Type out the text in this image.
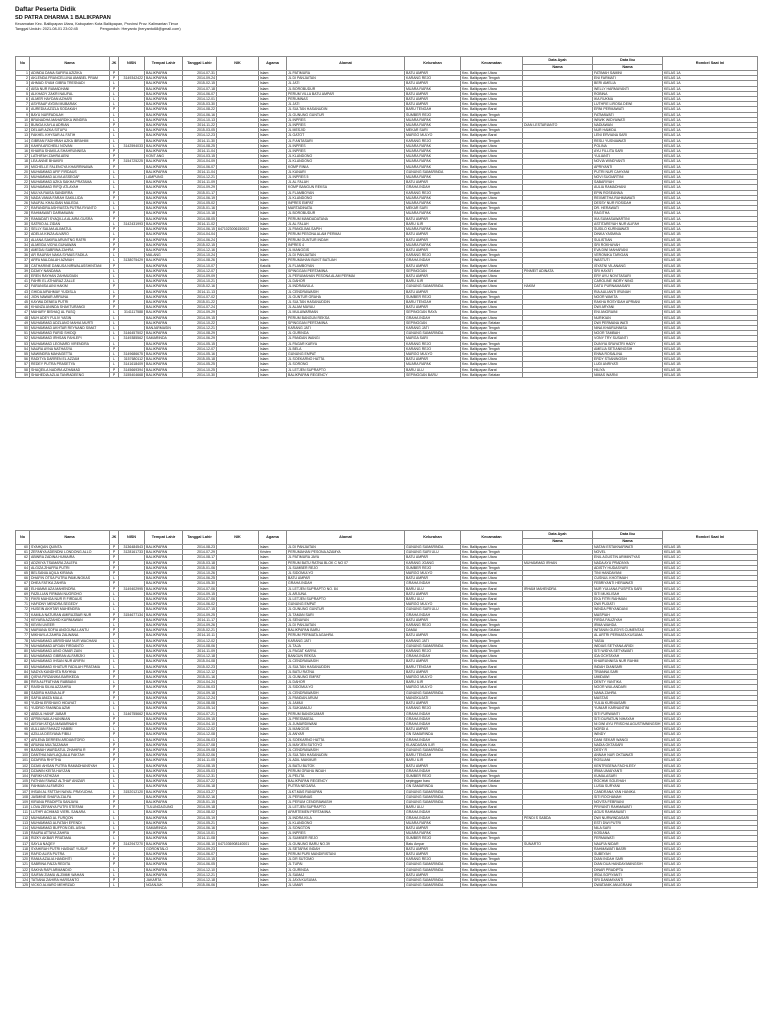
Daftar Peserta Didik
SD PATRA DHARMA 1 BALIKPAPAN
Kecamatan Kec. Balikpapan Utara, Kabupaten Kota Balikpapan, Provinsi Prov. Kalimantan Timur
Tanggal Unduh: 2021-08-01 23:02:45	Pengunduh: Heryanto (heryanto68@gmail.com)
No	Nama	JK	NISN	Tempat Lahir	Tanggal Lahir	NIK	Agama	Alamat	Kelurahan	Kecamatan	Data Ayah	Data Ibu	Rombel Saat Ini
											Nama	Nama	
1	ADINDA DANA SAFIRA AZIZIKA	P		BALIKPAPAN	2014-07-31		Islam	JL PATIMURA	BATU AMPAR	Kec. Balikpapan Utara		FATIMAH SAMINI	KELAS 1A
2	AKLENDA FRANCELLINA AMABEL PRAM	P	3149342422	BALIKPAPAN	2014-09-24		Islam	JL DI PANJAITAN	KARANG REJO	Kec. Balikpapan Tengah		ENI FARMATI	KELAS 1A
3	AHMAD SYAM GIBRA TRESNADI	L		BALIKPAPAN	2015-02-15		Islam	JL JATI	BATU AMPAR	Kec. Balikpapan Utara		BERI AMELIA	KELAS 1A
4	AISA NUR RAMADHANI	P		BALIKPAPAN	2014-07-18		Islam	JL BOROBUDUR	MUARA RAPAK	Kec. Balikpapan Utara		WELLY HARMAYANTI	KELAS 1A
5	ALKHADY ZAKRI NAUFAL	L		BALIKPAPAN	2014-06-07		Islam	PERUM VILLA BATU AMPAR	BATU AMPAR	Kec. Balikpapan Utara		ROBINA	KELAS 1A
6	ALMER HAYDAN AZHARI	L		BALIKPAPAN	2014-12-01		Islam	PERUMNAS	BATU AMPAR	Kec. Balikpapan Utara		IKA RUKMA	KELAS 1A
7	ASYRAAF AYDIN MUBARAK	L		BALIKPAPAN	2015-03-30		Islam	JL JATI	BATU AMPAR	Kec. Balikpapan Utara		LUTHFIE LIROSA DEWI	KELAS 1A
8	AUREDIA AZIZLA SODAKAH	P		BALIKPAPAN	2014-08-22		Islam	JL SULTAN HASANUDIN	BARU TENGAH	Kec. Balikpapan Barat		ERNI PERMAWATI	KELAS 1A
9	BAYU NURFADILAH	L		BALIKPAPAN	2014-06-16		Islam	JL GUNUNG GUNTUR	SUMBER REJO	Kec. Balikpapan Tengah		FATMAWATI	KELAS 1A
10	BRANADHA MAHARDIKA WINDRA	L		BALIKPAPAN	2014-10-13		Islam	JL INPRES	MUARA RAPAK	Kec. Balikpapan Utara		WIWIK WIDYAWATI	KELAS 1A
11	BUNGA KAYLA ADRIAN	P		BALIKPAPAN	2014-11-22		Islam	JL INPRES	MUARA RAPAK	Kec. Balikpapan Utara	DIAN LESTARIANTO	NADIAWAN	KELAS 1A
12	DELIAR AZKA SITUPU	L		BALIKPAPAN	2015-03-05		Islam	JL MESJID	MEKAR SARI	Kec. Balikpapan Tengah		NUR HAMIDA	KELAS 1A
13	FAKHEL KHYSAR AL FATIH	L		BALIKPAPAN	2014-12-23		Islam	JL GATOT	MARGO MULYO	Kec. Balikpapan Barat		LENI ERVIANA SARI	KELAS 1A
14	GIBRAN FADHIRAH AZKA IBRAHIM	L		BALIKPAPAN	2014-11-30		Islam	JL P.ANTASARI	KARANG REJO	Kec. Balikpapan Tengah		RESLI YUSNIAWATI	KELAS 1A
15	KAHFA ARCHEILI NOVAN	L	3142594033	BALIKPAPAN	2014-08-25		Islam	JL INPRES	MUARA RAPAK	Kec. Balikpapan Utara		POLINA	KELAS 1A
16	KHAIRA SHAKILA SHAHRUNNISA	P		BALIKPAPAN	2014-11-04		Islam	JL INPRES	MUARA RAPAK	Kec. Balikpapan Utara		AYU FILLITA SARI	KELAS 1A
17	LATHIFAH ZAHRA AENI	P		KONT ANG	2014-03-15		Islam	JL KLANDONO	MUARA RAPAK	Kec. Balikpapan Utara		YULIANTI	KELAS 1A
18	LEA ANNE BHAKIRI	P	3154725225	BALIKPAPAN	2014-04-09		Islam	JL KLANDONO	MUARA RAPAK	Kec. Balikpapan Utara		NOVIA WINDYANTI	KELAS 1A
19	MICHELLE FALENCYA KHAIRRINAWA	P		BALIKPAPAN	2014-06-07		Islam	KOMP RINIA	MUARA RAPAK	Kec. Balikpapan Utara		APRIYANTI	KELAS 1A
20	MUHAMMAD AFIF FIRDAUS	L		BALIKPAPAN	2014-11-04		Islam	JL KANARI	GUNUNG SAMARINDA	Kec. Balikpapan Utara		PUTRI NUR CAHYANI	KELAS 1A
21	MUHAMMAD ALVIA ASSEGAF	L		LAMPUNG	2014-12-21		Islam	JL INPRES 5	MUARA RAPAK	Kec. Balikpapan Utara		NOVI SUGIARTINI	KELAS 1A
22	MUHAMMAD AZKA SAKHA PRATAMA	L		BALIKPAPAN	2014-11-09		Islam	JL AL FALAH	BATU AMPAR	Kec. Balikpapan Utara		SABARIYAH	KELAS 1A
23	MUHAMMAD RIFQI ATLAYAH	L		BALIKPAPAN	2014-09-29		Islam	KOMP BANGUN REKSA	GRAHA INDAH	Kec. Balikpapan Utara		AULIA RAMADHANI	KELAS 1A
24	MULYA RAISA SANDIRRA	P		BALIKPAPAN	2015-01-17		Islam	JL FLAMBOYAN	KARANG REJO	Kec. Balikpapan Tengah		EPIN ROSEANNA	KELAS 1A
25	NADA VANIA FARAH SAKILLIDA	P		BALIKPAPAN	2014-06-19		Islam	JL KLANDONO	MUARA RAPAK	Kec. Balikpapan Utara		REXMETHA RAHMAWATI	KELAS 1A
26	NAUFAL KHALIDAN MALEDA	L		BALIKPAPAN	2014-05-02		Islam	INPRES EMPAT	MUARA RAPAK	Kec. Balikpapan Utara		DESSY NUR ROSIDAH	KELAS 1A
27	RAFANDRA ASHYASTA PUTRA RYANTO	L		BALIKPAPAN	2015-01-16		Islam	MARTADINATA	MEKAR SARI	Kec. Balikpapan Tengah		DR. HERAWATI	KELAS 1A
28	RAHMAWATI DARMAWAN	P		BALIKPAPAN	2014-10-18		Islam	JL BOROBUDUR	MUARA RAPAK	Kec. Balikpapan Utara		RAGITHA	KELAS 1A
29	RAMADATI SYAQILLA ALAIRA GUSRA	P		BALIKPAPAN	2014-08-05		Islam	PERUM MANDADATANA	BATU AMPAR	Kec. Balikpapan Utara		IKA SUMASAWARTINI	KELAS 1A
30	SATRIO AL ZIDAN	L	3142431993	BALIKPAPAN	2014-11-02		Islam	JL AL FALAH	BARU ILIR	Kec. Balikpapan Barat		ASTITAREYAH NUR ALIFAH	KELAS 1A
31	SELLY SALMA ALIMATUL	P		BALIKPAPAN	2014-06-15	6471023006150002	Islam	JL PANGLIMA SAPIH	MUARA RAPAK	Kec. Balikpapan Utara		SUSILO KURNIAWATI	KELAS 1A
32	ADELIA KINZA ALVARO	L		BALIKPAPAN	2014-04-04		Islam	PERUM PESONA ALAM PERMAI	BATU AMPAR	Kec. Balikpapan Utara		DINKA YASMINA	KELAS 1B
33	ALIANA SAKIRA ARUNTNG RATRI	P		BALIKPAPAN	2014-06-24		Islam	PERUM GUNTUR INDAH	BATU AMPAR	Kec. Balikpapan Utara		SULISTIAN	KELAS 1B
34	ALMEIDA VIDYA GUNAWAN	P		BALIKPAPAN	2015-02-15		Islam	INPRES 4	MUARA RAPAK	Kec. Balikpapan Utara		SRI ROKHAYAH	KELAS 1B
35	AMEDAI SABRINA ZAHRA	P		BALIKPAPAN	2014-12-16		Islam	JL MANGGIS	BATU AMPAR	Kec. Balikpapan Utara		EVA DWI MAHARANI	KELAS 1B
36	AR RAUFAH NAKA SYMAS FADILA	L		MALANG	2014-10-24		Islam	JL DI PANJAITAN	KARANG REJO	Kec. Balikpapan Tengah		VERONIKA TARIGAN	KELAS 1B
37	ARFA MALDALAH AZMIAH	L	3138075429	BALIKPAPAN	2014-08-26		Islam	PERUMAHAN BUKIT BATUAH	GRAHA INDAH	Kec. Balikpapan Utara		WASTUTI	KELAS 1B
38	CATHARINE DANUSA NIRWALASSHINTANI	P		BALIKPAPAN	2014-10-07		Katolik	JL FLAMBOYAN	BATU AMPAR	Kec. Balikpapan Utara		ISYATNI VILANANG	KELAS 1B
39	DZAKY NANDANA	L		BALIKPAPAN	2014-12-07		Islam	SPINGGAN PERTAMINA	SEPINGGAN	Kec. Balikpapan Selatan	PINMEIT ADINATA	SRI HAYATI	KELAS 1B
40	EREN RAYHAN ZAHMUDIAN	L		BALIKPAPAN	2014-09-09		Islam	JL PERUMAHAN PESONA ALAM PERMAI	BATU AMPAR	Kec. Balikpapan Utara		ERY AYU NOVITASARI	KELAS 1B
41	FAHRI EL ATHARAZ ZALLE	L		BALIKPAPAN	2014-10-21		Islam	JL DAHOR	BARU ILIR	Kec. Balikpapan Barat		CAROLINE INDRY NING	KELAS 1B
42	FARANISA AINI HAKIM	P		BALIKPAPAN	2015-02-16		Islam	JL INDRAWULA	GUNUNG SAMARINDA	Kec. Balikpapan Utara	HAKIM	DATU PURNAMASARI	KELAS 1B
43	GHIDA AIFAHMAY YUDISLA	L		BALIKPAPAN	2014-11-13		Islam	JL CENDRAWASIH	BATU AMPAR	Kec. Balikpapan Utara		RIA AULIANTI IRUNAH	KELAS 1B
44	JION NAWAR ARRUNA	P		BALIKPAPAN	2014-07-02		Islam	JL GUNTUR GRAHA	SUMBER REJO	Kec. Balikpapan Tengah		NOOR WAKTA	KELAS 1B
45	KAYWA DENIEA PUTRI	P		BALIKPAPAN	2015-01-22		Islam	JL SULTAN HASANUDDIN	BARU TENGAH	Kec. Balikpapan Barat		RAKHA ROSYIDAH APRIANI	KELAS 1B
46	KHANZA ANINDA SHAKTURANGI	P		BALIKPAPAN	2014-07-24		Islam	JL ALAM MAYAU	BATU AMPAR	Kec. Balikpapan Utara		DWI ARYANI	KELAS 1B
47	MAHARY BISHAQ AL FASQ	L	3141117588	BALIKPAPAN	2014-09-29		Islam	JL MULAWARMAN	SEPINGGAN RAYA	Kec. Balikpapan Timur		ENI ANGRAINI	KELAS 1B
48	MUH ADEY FULIV YASIN	L		BALIKPAPAN	2014-09-15		Islam	PERUM BANGUN REKSA	GRAHA INDAH	Kec. Balikpapan Utara		NURIKIAN	KELAS 1B
49	MUHAMMAD ADZLANO MAHIA MURTI	L		BALIKPAPAN	2014-10-22		Islam	SPINGGAN PERTAMINA	SEPINGGAN	Kec. Balikpapan Selatan		DWI PERMANA WATI	KELAS 1B
50	MUHAMMAD AKHTAR REYNAND SIMAT	L		BANJARMASIN	2014-12-21		Islam	KARANG JATI	KARANG JATI	Kec. Balikpapan Tengah		NINA KHAIRUNNISA	KELAS 1B
51	MUHAMMAD FARID SHIDQI	L	3146457502	BALIKPAPAN	2014-08-29		Islam	JL GURINDA	GUNUNG SAMARINDA	Kec. Balikpapan Utara		NOOR TAMBAH	KELAS 1B
52	MUHAMMAD IRHSAN FAHLEPI	L	3149385562	SAMARINDA	2014-06-29		Islam	JL PANDAN WANGI	MARGA SARI	Kec. Balikpapan Barat		VONY TRY SUSANTI	KELAS 1B
53	MUHAMMAD LEONARD VIRENDRA	L		BALIKPAPAN	2014-05-15		Islam	JL PAGAR KARYA	KARANG REJO	Kec. Balikpapan Tengah		DUNYIA SRAYATRI HADY	KELAS 1B
54	NAURA AYNA NATHASYA	P		BALIKPAPAN	2014-12-07		Islam	JL BELA	KARANG REJO	Kec. Balikpapan Tengah		AMELIA SETIANINGSIH	KELAS 1B
55	NAWINDRA MAHAGETTA	L	3149686675	BALIKPAPAN	2014-05-16		Islam	GUNUNG EMPAT	MARGO MULYO	Kec. Balikpapan Barat		ENNA ROSALINA	KELAS 1B
56	RADITYA DARREN EL AZZAM	L	3157680112	BALIKPAPAN	2015-05-18		Islam	JL SOEKARNO HATTA	BATU AMPAR	Kec. Balikpapan Utara		ERDY STIANINGSIH	KELAS 1B
57	REDEY PUTRA PRASETYA	L	3141618409	BALIKPAPAN	2014-05-25		Islam	JL SORONG	MUARA RAPAK	Kec. Balikpapan Utara		LUDI ANRIYATI	KELAS 1B
58	SHAQEILA NADIRA AZHAMAD	P	3145669394	BALIKPAPAN	2014-10-25		Islam	JL LETJEN SUPRAPTO	BARU ULU	Kec. Balikpapan Barat		HILIYA	KELAS 1B
59	SHAHEDIA AZLIA TANRADEENG	P	3155404668	BALIKPAPAN	2014-10-30		Islam	BALIKPAPAN REGENCY	SEPINGGAN BARU	Kec. Balikpapan Selatan		NIMAS WARNI	KELAS 1B
No	Nama	JK	NISN	Tempat Lahir	Tanggal Lahir	NIK	Agama	Alamat	Kelurahan	Kecamatan	Data Ayah	Data Ibu	Rombel Saat Ini
											Nama	Nama	
60	SYAHQAN QUINTA	P	3136484543	BALIKPAPAN	2014-08-23		Islam	JL DI PANJAITAN	GUNUNG SAMARINDA	Kec. Balikpapan Utara		NATAN ESTAKNARWATI	KELAS 1B
61	ZEFANYA ADENDNI LONDONG ALLO	P	3128161733	BALIKPAPAN	2014-07-29		Kristen	PERUMAHAN PESONA AZAMYA	GUNUNG SARI ULU	Kec. Balikpapan Tengah		NOVEL	KELAS 1B
62	ABINRA ZADINA HUMAIRA	P		BALIKPAPAN	2014-08-17		Islam	JL PATIMURA JAYA	BATU AMPAR	Kec. Balikpapan Utara		ENIL AGUSTIN ARIMINTYAS	KELAS 1C
63	ADZKIYA TSAMARA ZALEFA	P		BALIKPAPAN	2015-03-18		Islam	PERUM BATU RATNA BLOK C NO 07	KARANG JOANG	Kec. Balikpapan Utara	MUHAMMAD IRHAN	NADA AYU PRADNYA	KELAS 1C
64	ALGIZA ZHAFRA PUTRI	P		BALIKPAPAN	2015-01-06		Islam	JL SUMBER REJO	SUMBER REJO	Kec. Balikpapan Tengah		ADISTY HUDASYARI	KELAS 1C
65	BELSANIA AQILA KIRANA	P		BALIKPAPAN	2014-10-26		Islam	JL SIDOMULYO	MARGO MULYO	Kec. Balikpapan Barat		TINI HANDAYANI	KELAS 1C
66	DHAFIN OTSA PUTRA PAMUNGKAS	L		BALIKPAPAN	2014-06-25		Islam	BATU AMPAR	BATU AMPAR	Kec. Balikpapan Utara		CUSNUL KHOTIMAH	KELAS 1C
67	DHEA FATIKA ZAHRA	P		BALIKPAPAN	2014-05-30		Islam	GRAHA INDAH	GRAHA INDAH	Kec. Balikpapan Utara		FEBRIYANTI HERAWATI	KELAS 1C
68	ELHAMMI AZA MAHENDRA	P	3149402995	BALIKPAPAN	2014-07-06		Islam	JL LETJEN SUPRAPTO NO. 84	BARU ULU	Kec. Balikpapan Barat	IRHAM MAHENDRA	NUR YULIANA PUSPITA SARI	KELAS 1C
69	FAZILLIAN FIRMAN NUGROHO	L		BALIKPAPAN	2014-09-15		Islam	JL ARJUNA	BATU AMPAR	Kec. Balikpapan Utara		SITI MUKLISAH	KELAS 1C
70	FIKRI MAHGA NUR R FIRDAUS	L		BALIKPAPAN	2014-07-06		Islam	JL LETJEN SUPRAPTO	BARU ULU	Kec. Balikpapan Barat		EKA FITRI RAHMAN	KELAS 1C
71	HAFIDNY MENDRA SEGEDY	L		BALIKPAPAN	2014-06-02		Islam	GUNUNG EMPAT	MARGO MULYO	Kec. Balikpapan Barat		DWI PUJIATI	KELAS 1C
72	HUSEIN AKHTAR MAHENDRA	L		BALIKPAPAN	2014-07-15		Islam	JL GUNUNG GUNTUR	GUNUNG SARI ULU	Kec. Balikpapan Tengah		WINDA PRIYANDANI	KELAS 1C
73	KAMILA NATURAN AMIRUZBAR NUR	P	3154677134	BALIKPAPAN	2014-09-25		Islam	JL TAMAN SARI	GRAHA INDAH	Kec. Balikpapan Utara		MASPIAH	KELAS 1C
74	KEYARA AZZAHID KURNIAWAN	P		BALIKPAPAN	2014-11-17		Islam	JL SENAYAN	BATU AMPAR	Kec. Balikpapan Utara		FIRDA FAUZIYAH	KELAS 1C
75	KEVIN UVEER	L		BALIKPAPAN	2014-09-26		Islam	JL DI PANJAITAN	KARANG REJO	Kec. Balikpapan Tengah		IRMA WAHDA	KELAS 1C
76	MARIANA SOFIA ANGGUNA LANTU	P		BALIKPAPAN	2015-02-21		Islam	BALIKPAPAN BARU	DAMAI	Kec. Balikpapan Selatan		WITANIN GLEDYS CUMENTAS	KELAS 1C
77	MIKHAYLA ZAHRA ZALWANA	P		BALIKPAPAN	2014-10-11		Islam	PERUM PERMATA AGAHRA	BATU AMPAR	Kec. Balikpapan Utara		AL ARTRI PERMATA KUSUMA	KELAS 1C
78	MUHAMMAD ABRISHAM NUR WACHANI	L		BALIKPAPAN	2014-12-02		Islam	KARANG JATI	KARANG JATI	Kec. Balikpapan Tengah		YASIA	KELAS 1C
79	MUHAMMAD AFGAN FIRDANTO	L		BALIKPAPAN	2014-08-06		Islam	JL TAJA	GUNUNG SAMARINDA	Kec. Balikpapan Utara		WIDIAS SETYANA ARIDI	KELAS 1C
80	MUHAMMAD AINO OMAR ZAIN	L		BALIKPAPAN	2014-11-09		Islam	JL PAGAT KARYA	KARANG REJO	Kec. Balikpapan Tengah		SITI WIDYA SETYAWATI	KELAS 1C
81	MUHAMMAD GIBRAN ALFARIZKI	L		BALIKPAPAN	2014-12-18		Islam	BANGUN REKSA	GRAHA INDAH	Kec. Balikpapan Utara		IDA OCHTAYAH	KELAS 1C
82	MUHAMMAD IHSAN NUR ARIFIN	L		BALIKPAPAN	2015-04-08		Islam	JL CENDRAWASIH	BATU AMPAR	Kec. Balikpapan Utara		KHAIRUNNISA NUR RAHMI	KELAS 1C
83	MUHAMMAD KHATUR FADILAH PRATAMA	L		BALIKPAPAN	2015-02-23		Islam	JL SULTAN HASANUDDIN	BARU TENGAH	Kec. Balikpapan Barat		INDAH DIANSARI	KELAS 1C
84	NADYA KANDHITA RAYHNA	P		BALIKPAPAN	2014-12-12		Islam	JL BATU RATNA	BATU AMPAR	Kec. Balikpapan Utara		TRIANNA SARI	KELAS 1C
85	QISYA FIRZANIKA BARIKEDA	P		BALIKPAPAN	2015-01-16		Islam	JL GUNUNG EMPAT	MARGO MULYO	Kec. Balikpapan Barat		UMIDAWI	KELAS 1C
86	RIFA ALFFATHAN RABBANI	L		BALIKPAPAN	2014-04-24		Islam	JL DAHOR	BARU ILIR	Kec. Balikpapan Barat		DENTY YANTIKA	KELAS 1C
87	RAISHA SILVA AZZAHRA	P		BALIKPAPAN	2014-06-03		Islam	JL SIDOMULYO	MARGO MULYO	Kec. Balikpapan Barat		NOOR WULANDARI	KELAS 1C
88	SADIRA HASNA ALIF	P		BALIKPAPAN	2014-09-18		Islam	JL CENDRAWASIH	GUNUNG SAMARINDA	Kec. Balikpapan Utara		NANA ZAHRA	KELAS 1C
89	SAFIA ANIZA MALA	P		BALIKPAPAN	2014-12-24		Islam	JL PANDAN ARUM	MANGKUJATI	Kec. Balikpapan Barat		MASTAS	KELAS 1C
90	YUDHA ERSHAVO HIDAYAT	L		BALIKPAPAN	2014-08-08		Islam	JL JAMUI	BATU AMPAR	Kec. Balikpapan Utara		YULIA KURNIASARI	KELAS 1C
91	YUDRIO FAMINDA AZMI	L		BALIKPAPAN	2014-05-14		Islam	JL SUKAMAJU	KARANG REJO	Kec. Balikpapan Tengah		YUNIAR KARNANTINI	KELAS 1C
92	ABDUL HANIF JABAR	L	3146755662	BALIKPAPAN	2014-07-21		Islam	PERUM BANGKUMAR	GRAHA INDAH	Kec. Balikpapan Utara		SITI FURWANTI	KELAS 1D
93	AFRIN NAILA HANINIAN	P		BALIKPAPAN	2014-09-15		Islam	JL PRESMAEAL	GRAHA INDAH	Kec. Balikpapan Utara		SITI DURATUN NIHAYAH	KELAS 1D
94	AISYAH ATIQA MAWARNAHI	P		BALIKPAPAN	2014-04-10		Islam	JL JUMARDIWANI	GRAHA INDAH	Kec. Balikpapan Utara		NI DWI AYU FRISCHA AGUSTIMNINGSIH	KELAS 1D
95	AULLIAN FAHAZZ HABIBI	L		BALIKPAPAN	2014-12-02		Islam	JL MANGGIS	BATU AMPAR	Kec. Balikpapan Utara		NORDI A	KELAS 1D
96	AZILLIA DESYANA FIBILI	P		BALIKPAPAN	2014-12-08		Islam	JL ANYAR	GN SAMARINDA	Kec. Balikpapan Utara		WINDY	KELAS 1D
97	ARLENA DERREN ARDIANTORO	L		BALIKPAPAN	2014-06-03		Islam	JL SOEKARNO HATTA	GRAHA INDAH	Kec. Balikpapan Utara		DANI SEKAR WANGI	KELAS 1D
98	ARUNIA MULTAZANAH	P		BALIKPAPAN	2014-07-08		Islam	JL MAYJEN SUTOYO	KLANDASAN ILIR	Kec. Balikpapan Kota		NADIA OKTASARI	KELAS 1D
99	BASMAH WARDATUL ZHAHIRA R	P		BALIKPAPAN	2014-09-08		Islam	JL CENDRAWASIH	GUNUNG SAMARINDA	Kec. Balikpapan Utara		DESY R	KELAS 1D
100	DANTHIA NAYLAQUALA FAKTAH	P		BALIKPAPAN	2015-02-06		Islam	JL SULTAN HASANUDIN	BARU TENGAH	Kec. Balikpapan Barat		ANNAH NUR OKTAWATI	KELAS 1D
101	DZAFIRA RHYTHA	P		BALIKPAPAN	2014-11-05		Islam	JL ADIL MAKMUR	BARU ILIR	Kec. Balikpapan Barat		ROSLIANI	KELAS 1D
102	DZAKI AHSAN PUTRA RAMADHANSYAH	L		BALIKPAPAN	2014-08-15		Islam	JL BATU BUTOK	BATU AMPAR	Kec. Balikpapan Utara		KENTRIGENA FACHLESY	KELAS 1D
103	DZAWIN KEITA HAYZAN	L		BALIKPAPAN	2014-05-03		Islam	PERUM GRAHA INDAH	GRAHA INDAH	Kec. Balikpapan Utara		IRMA UMAIYANTI	KELAS 1D
104	FARIKH ATHIZAH	L		BALIKPAPAN	2014-12-31		Islam	JL PELITA	SUMBER REJO	Kec. Balikpapan Tengah		KUMALASARI	KELAS 1D
105	FATHAN FAWAZ ALTHAF ANIZAR	L		BALIKPAPAN	2014-07-22		Islam	BALIKPAPAN REGENCY	sepinggan baru	Kec. Balikpapan Selatan		ROCHMI SOLEHAH	KELAS 1D
106	FAHMAN ALFARIZKI	L		BALIKPAPAN	2014-06-18		Islam	PUTRA NEGARA	GN SAMARINDA	Kec. Balikpapan Utara		LUSIA SURYANI	KELAS 1D
107	IHSAN AL FATTAH NAYAL PRAYUDHA	L	3152012120	BALIKPAPAN	2014-03-27		Islam	JLKT.MAS RANUPAN	GUNUNG SAMARINDA	Kec. Balikpapan Utara		CANDRANA YAN HANIKA	KELAS 1D
108	JASMINE SHAFIA ZALFA	P		BALIKPAPAN	2015-02-16		Islam	JL PERUMNAS	GUNUNG SAMARINDA	Kec. Balikpapan Utara		SITI ROCHANAH	KELAS 1D
109	KIRANA PRADIPTA SANJAYA	P		BALIKPAPAN	2015-01-15		Islam	JL PERUM CENDRAWASIH	GUNUNG SAMARINDA	Kec. Balikpapan Utara		NOVITA FEBRIANI	KELAS 1D
110	LOVA ZEFANYA PUTRI STEFANI	P		TULUNGAGUNG	2014-09-18		Islam	JL LETJEN SUPRAPTO	BARU ULU	Kec. Balikpapan Barat		PRIYANTI RAHMAWATI	KELAS 1D
111	LUTHFI ACHMAD VIERL SANARA	L		BALIKPAPAN	2014-08-02		Islam	APARTEMEN PERTAMINA	GRAHA INDAH	Kec. Balikpapan Utara		AGUS RAHMAWATI	KELAS 1D
112	MUHAMMAD AL FURQON	L		BALIKPAPAN	2014-05-19		Islam	JL INDRA KILA	GRAHA INDAH	Kec. Balikpapan Utara	PENDI S SABDA	DWI NURWINDASARI	KELAS 1D
113	MUHAMMAD ALFATAH EFENDI	L		BALIKPAPAN	2014-05-21		Islam	JL KLANDONO	MUARA RAPAK	Kec. Balikpapan Utara		ESTI DWI PUTRI	KELAS 1D
114	MUHAMMAD BUFFON DEL ASHA	L		SAMARINDA	2014-06-16		Islam	JL SONGTON	BATU AMPAR	Kec. Balikpapan Utara		NILA SARI	KELAS 1D
115	RAURA ATTAYA ZAHRA	P		BALIKPAPAN	2014-10-01		Islam	JL INPRES	MUARA RAPAK	Kec. Balikpapan Utara		KOSIANA	KELAS 1D
116	RIZKY AKBAR PRATAMA	L		BALIKPAPAN	2014-11-08		Islam	JL SUMBER REJO	SUMBER REJO	Kec. Balikpapan Tengah		FERMAWATI	KELAS 1D
117	SAYLA NAQEY	P	3142947270	BALIKPAPAN	2014-08-10	6471036908140001	Islam	JL GUNUNG BARU NO.39	Batu Ampar	Kec. Balikpapan Utara	SUNARTO	NAUFIA NIDAR	KELAS 1D
118	SYAHIRAH PUTRI HASNAT YUSUF	P		GORONTALO	2014-09-23		Islam	JL SETAPAK INDAH	BATU AMPAR	Kec. Balikpapan Utara		RAHMAWATI BASRI	KELAS 1D
119	RAFID ALIFA PUTRA	L		BALIKPAPAN	2014-06-07		Islam	PERUM PURI MANDIRISTANI	BATU AMPAR	Kec. Balikpapan Utara		SUBEYAH	KELAS 1D
120	RANIA AZALIA HANDHITI	P		BALIKPAPAN	2014-10-15		Islam	JL DR SUTOMO	KARANG REJO	Kec. Balikpapan Tengah		DIAN INDAH SARI	KELAS 1D
121	SABRINA FAIZA REDITA	P		BALIKPAPAN	2014-06-05		Islam	JL TUPAI	GUNUNG SAMARINDA	Kec. Balikpapan Utara		DIAN DUA HANDAYANINGSIH	KELAS 1D
122	SAKHA RAPI ARMANDIO	L		BALIKPAPAN	2014-12-10		Islam	JL GURINDA	GUNUNG SAMARINDA	Kec. Balikpapan Utara		DINAR PRADIPTA	KELAS 1D
123	SAIFAN ZIAMU ALZIMMI WAHAN	L		BALIKPAPAN	2014-12-21		Islam	JL SAMAJ	BATU AMPAR	Kec. Balikpapan Utara		IRDA SOPIYANTI	KELAS 1D
124	TATIANA ZAHIRA HARSANTO	P		JAKARTA	2014-12-18		Islam	JL JAYA KUSUMA	GUNUNG SAMARINDA	Kec. Balikpapan Utara		SRI DANMAYANTI	KELAS 1D
125	VICKO ALVARO MEHRZAD	L		NGANJUK	2015-06-06		Islam	JL UMAR	GUNUNG SAMARINDA	Kec. Balikpapan Utara		DWATANIK ANUGRAINI	KELAS 1D
